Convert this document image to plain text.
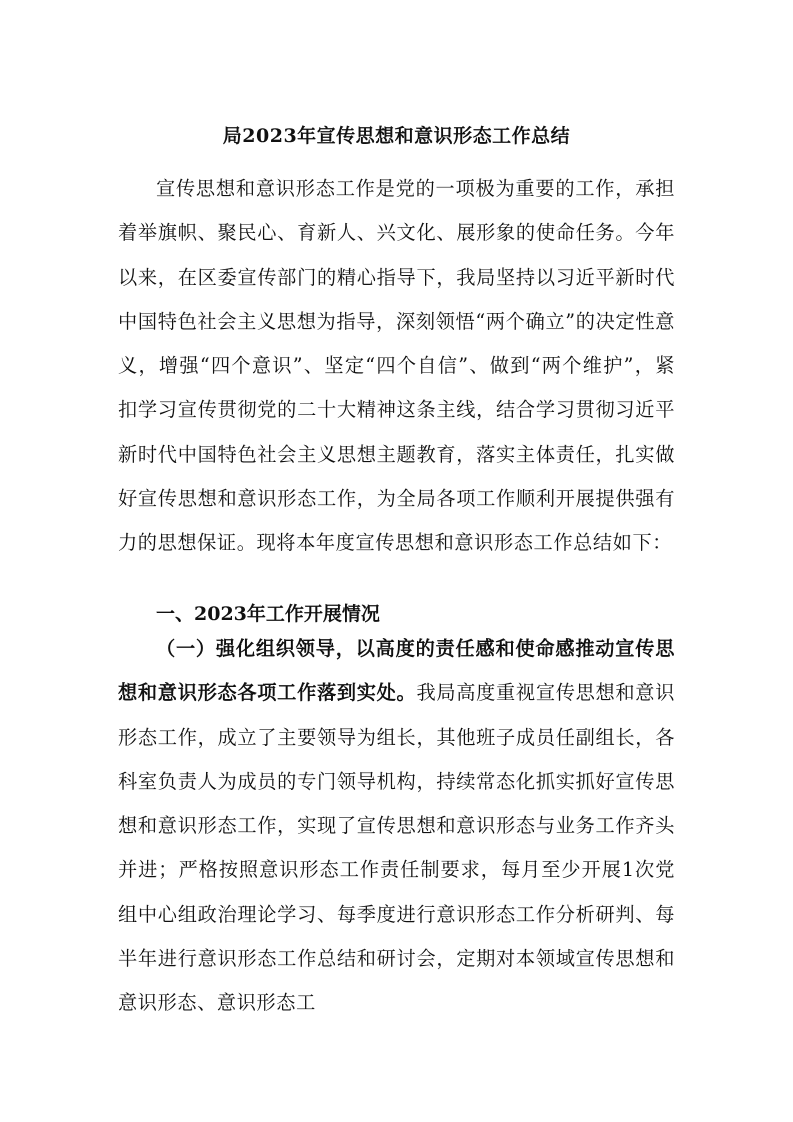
局2023年宣传思想和意识形态工作总结

宣传思想和意识形态工作是党的一项极为重要的工作，承担着举旗帜、聚民心、育新人、兴文化、展形象的使命任务。今年以来，在区委宣传部门的精心指导下，我局坚持以习近平新时代中国特色社会主义思想为指导，深刻领悟“两个确立”的决定性意义，增强“四个意识”、坚定“四个自信”、做到“两个维护”，紧扣学习宣传贯彻党的二十大精神这条主线，结合学习贯彻习近平新时代中国特色社会主义思想主题教育，落实主体责任，扎实做好宣传思想和意识形态工作，为全局各项工作顺利开展提供强有力的思想保证。现将本年度宣传思想和意识形态工作总结如下：

一、2023年工作开展情况

（一）强化组织领导，以高度的责任感和使命感推动宣传思想和意识形态各项工作落到实处。我局高度重视宣传思想和意识形态工作，成立了主要领导为组长，其他班子成员任副组长，各科室负责人为成员的专门领导机构，持续常态化抓实抓好宣传思想和意识形态工作，实现了宣传思想和意识形态与业务工作齐头并进；严格按照意识形态工作责任制要求，每月至少开展1次党组中心组政治理论学习、每季度进行意识形态工作分析研判、每半年进行意识形态工作总结和研讨会，定期对本领域宣传思想和意识形态、意识形态工
